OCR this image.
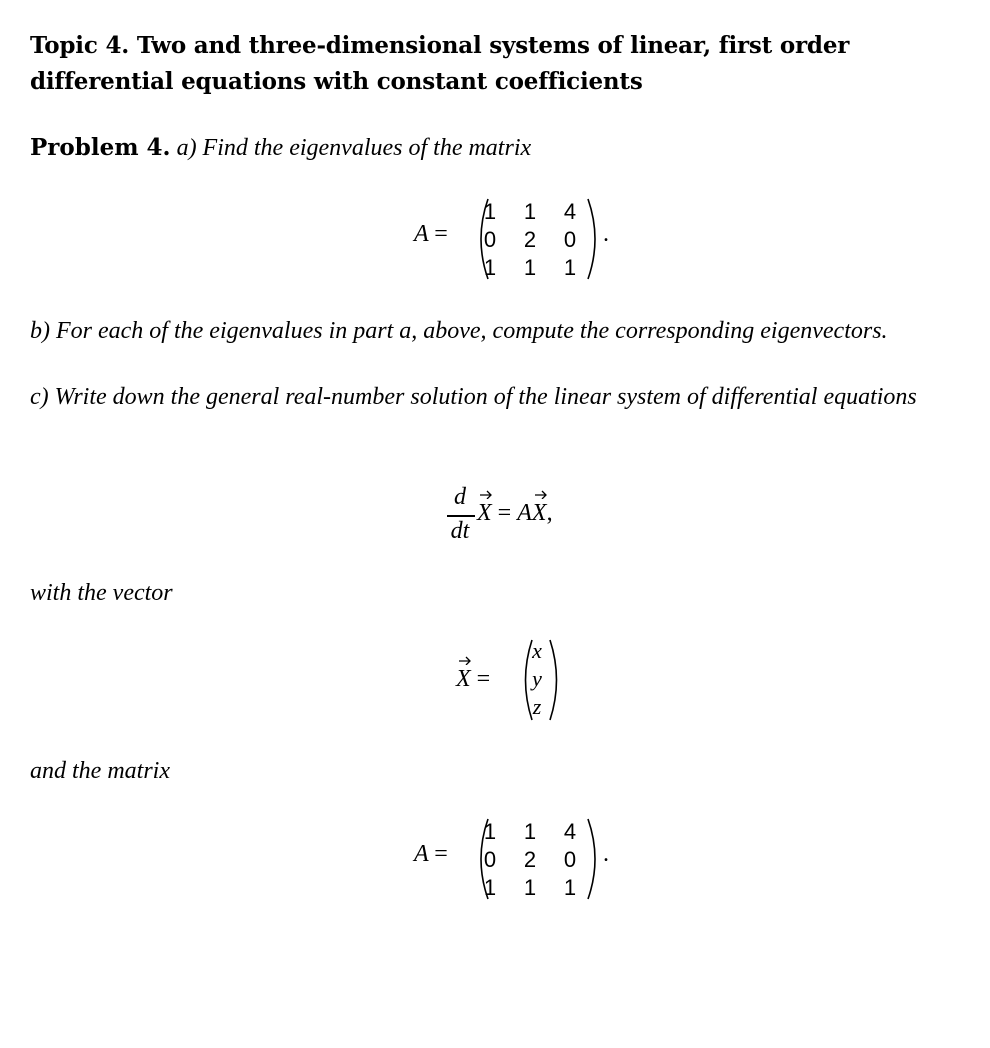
Topic 4. Two and three-dimensional systems of linear, first order differential equations with constant coefficients
Problem 4. a) Find the eigenvalues of the matrix
A =
1	1	4
0	2	0
1	1	1
.
b) For each of the eigenvalues in part a, above, compute the corresponding eigenvectors.
c) Write down the general real-number solution of the linear system of differential equations
d
dt
X = A
X,
with the vector
X =
x
y
z
and the matrix
A =
1	1	4
0	2	0
1	1	1
.
